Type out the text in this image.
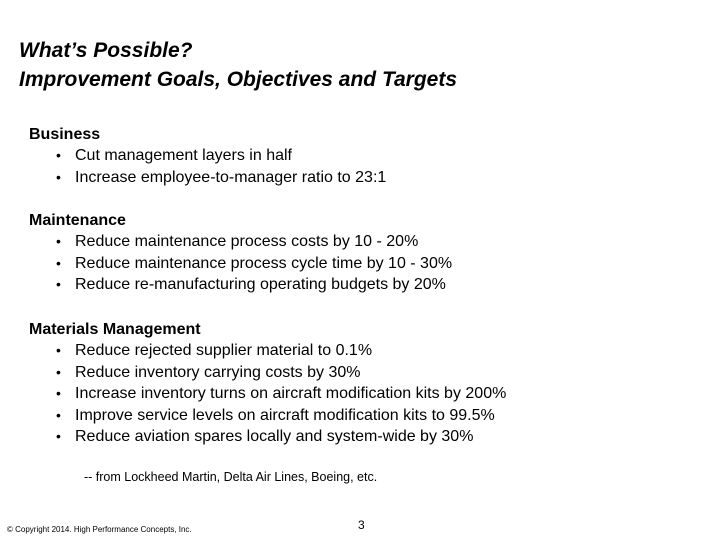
What’s Possible?
Improvement Goals, Objectives and Targets
Business
• Cut management layers in half
• Increase employee-to-manager ratio to 23:1
Maintenance
• Reduce maintenance process costs by 10 - 20%
• Reduce maintenance process cycle time by 10 - 30%
• Reduce re-manufacturing operating budgets by 20%
Materials Management
• Reduce rejected supplier material to 0.1%
• Reduce inventory carrying costs by 30%
• Increase inventory turns on aircraft modification kits by 200%
• Improve service levels on aircraft modification kits to 99.5%
• Reduce aviation spares locally and system-wide by 30%
-- from Lockheed Martin, Delta Air Lines, Boeing, etc.
© Copyright 2014. High Performance Concepts, Inc.	3
